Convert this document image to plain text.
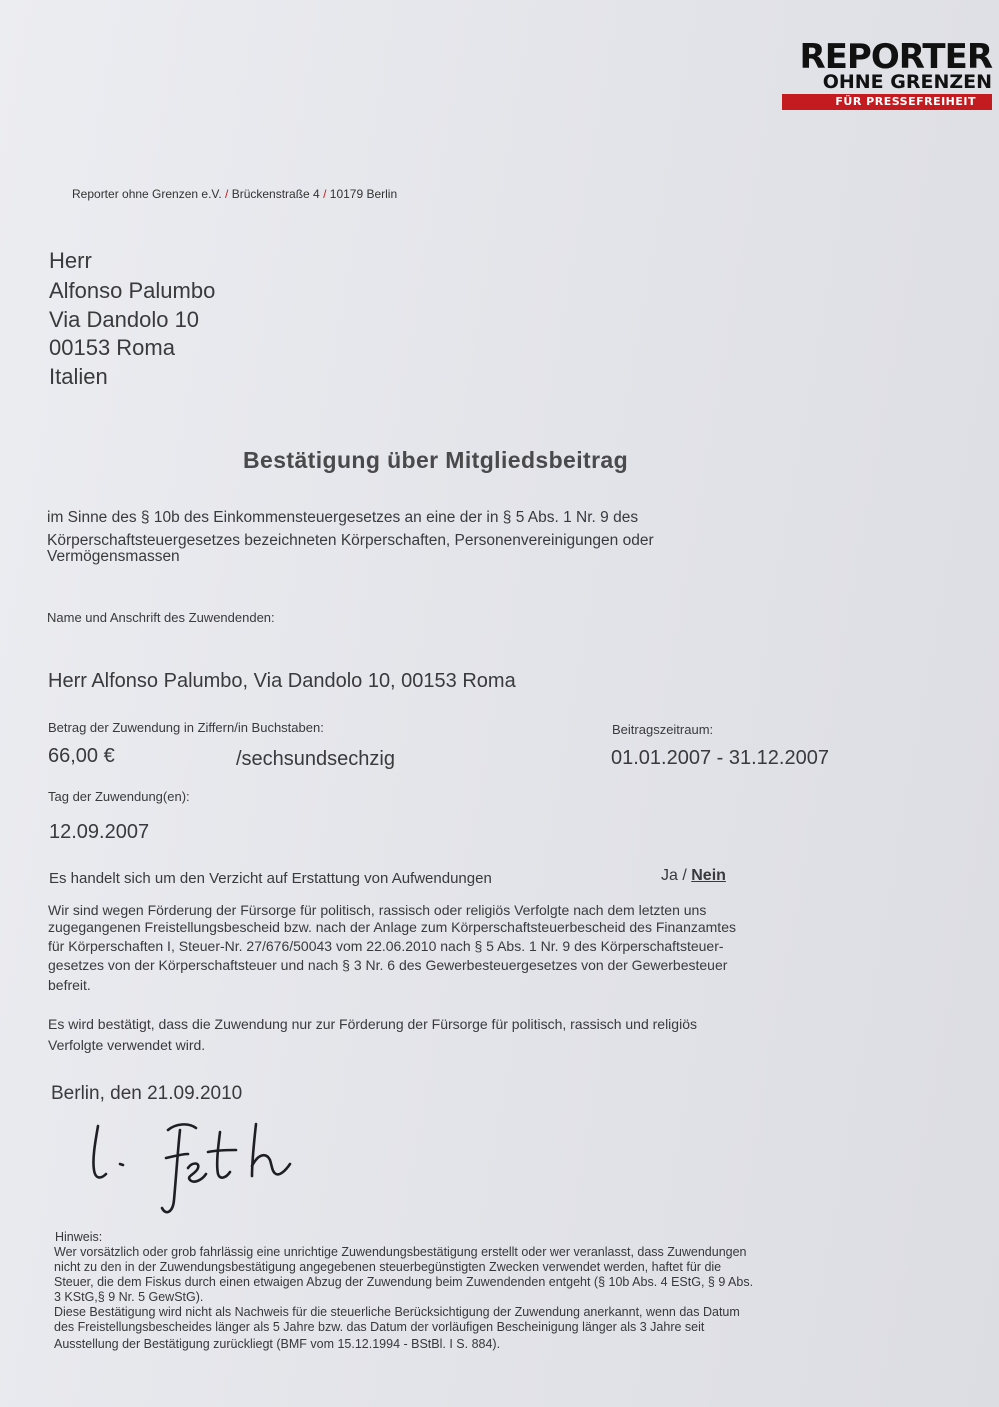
REPORTER
OHNE GRENZEN
FÜR PRESSEFREIHEIT
Reporter ohne Grenzen e.V. / Brückenstraße 4 / 10179 Berlin
Herr
Alfonso Palumbo
Via Dandolo 10
00153 Roma
Italien
Bestätigung über Mitgliedsbeitrag
im Sinne des § 10b des Einkommensteuergesetzes an eine der in § 5 Abs. 1 Nr. 9 des
Körperschaftsteuergesetzes bezeichneten Körperschaften, Personenvereinigungen oder
Vermögensmassen
Name und Anschrift des Zuwendenden:
Herr Alfonso Palumbo, Via Dandolo 10, 00153 Roma
Betrag der Zuwendung in Ziffern/in Buchstaben:
66,00 €	/sechsundsechzig
Beitragszeitraum:
01.01.2007 - 31.12.2007
Tag der Zuwendung(en):
12.09.2007
Es handelt sich um den Verzicht auf Erstattung von Aufwendungen	Ja / Nein
Wir sind wegen Förderung der Fürsorge für politisch, rassisch oder religiös Verfolgte nach dem letzten uns
zugegangenen Freistellungsbescheid bzw. nach der Anlage zum Körperschaftsteuerbescheid des Finanzamtes
für Körperschaften I, Steuer-Nr. 27/676/50043 vom 22.06.2010 nach § 5 Abs. 1 Nr. 9 des Körperschaftsteuer-
gesetzes von der Körperschaftsteuer und nach § 3 Nr. 6 des Gewerbesteuergesetzes von der Gewerbesteuer
befreit.
Es wird bestätigt, dass die Zuwendung nur zur Förderung der Fürsorge für politisch, rassisch und religiös
Verfolgte verwendet wird.
Berlin, den 21.09.2010
Hinweis:
Wer vorsätzlich oder grob fahrlässig eine unrichtige Zuwendungsbestätigung erstellt oder wer veranlasst, dass Zuwendungen
nicht zu den in der Zuwendungsbestätigung angegebenen steuerbegünstigten Zwecken verwendet werden, haftet für die
Steuer, die dem Fiskus durch einen etwaigen Abzug der Zuwendung beim Zuwendenden entgeht (§ 10b Abs. 4 EStG, § 9 Abs.
3 KStG,§ 9 Nr. 5 GewStG).
Diese Bestätigung wird nicht als Nachweis für die steuerliche Berücksichtigung der Zuwendung anerkannt, wenn das Datum
des Freistellungsbescheides länger als 5 Jahre bzw. das Datum der vorläufigen Bescheinigung länger als 3 Jahre seit
Ausstellung der Bestätigung zurückliegt (BMF vom 15.12.1994 - BStBl. I S. 884).
